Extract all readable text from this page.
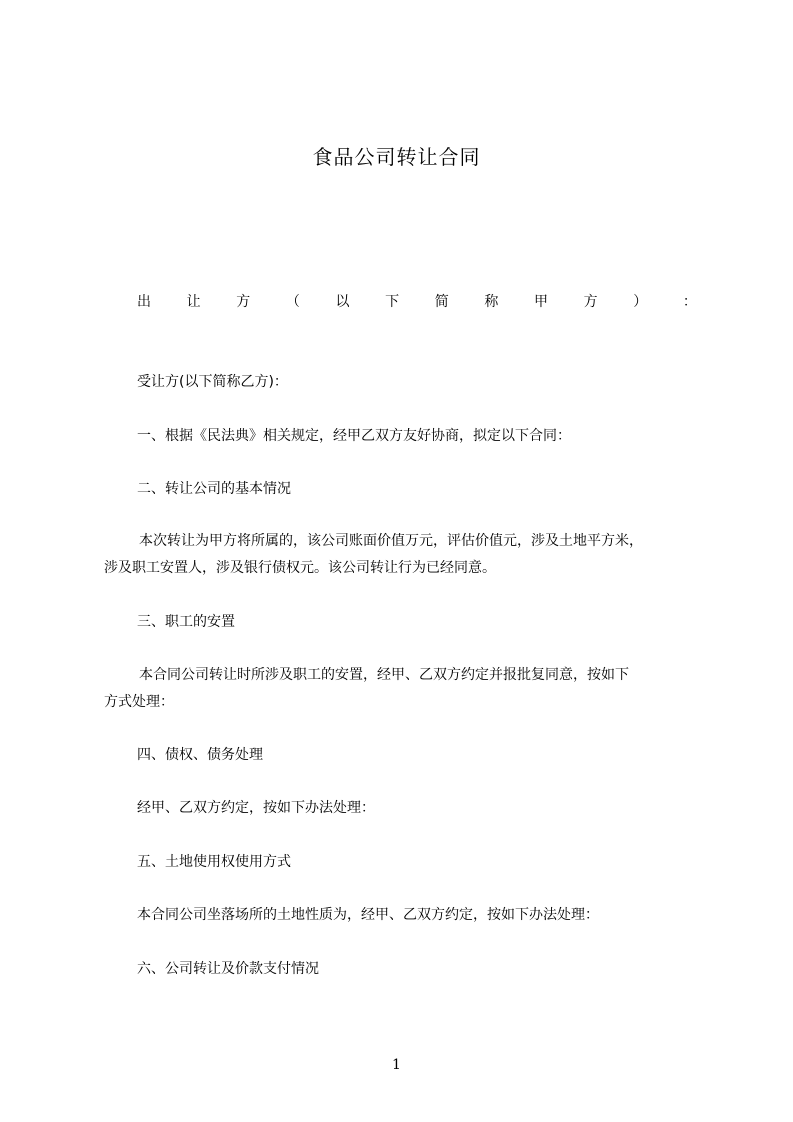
食品公司转让合同
出	让	方	（	以	下	简	称	甲	方	）	：
受让方(以下简称乙方)：
一、根据《民法典》相关规定，经甲乙双方友好协商，拟定以下合同：
二、转让公司的基本情况
本次转让为甲方将所属的，该公司账面价值万元，评估价值元，涉及土地平方米，
涉及职工安置人，涉及银行债权元。该公司转让行为已经同意。
三、职工的安置
本合同公司转让时所涉及职工的安置，经甲、乙双方约定并报批复同意，按如下
方式处理：
四、债权、债务处理
经甲、乙双方约定，按如下办法处理：
五、土地使用权使用方式
本合同公司坐落场所的土地性质为，经甲、乙双方约定，按如下办法处理：
六、公司转让及价款支付情况
1
